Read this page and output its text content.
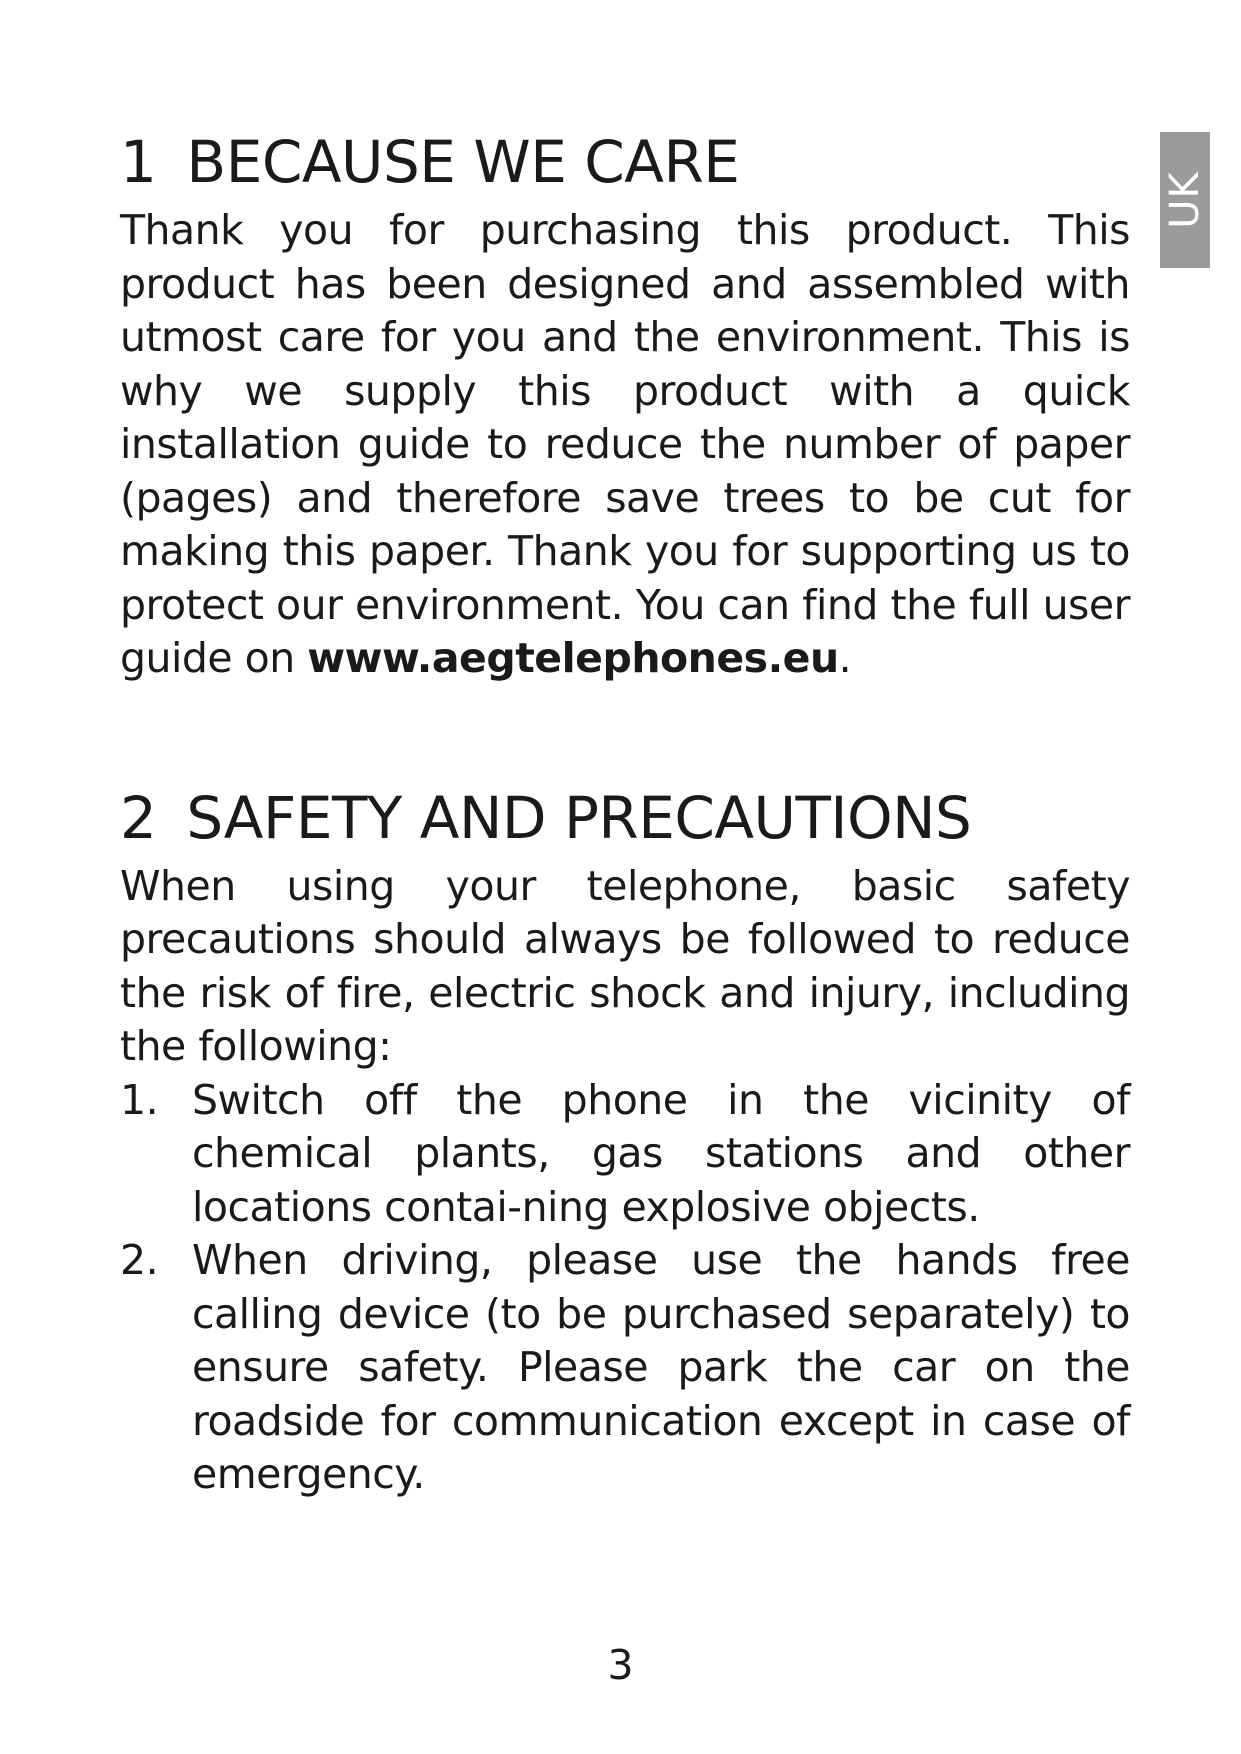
UK
1 BECAUSE WE CARE

Thank you for purchasing this product. This product has been designed and assembled with utmost care for you and the environment. This is why we supply this product with a quick installation guide to reduce the number of paper (pages) and therefore save trees to be cut for making this paper. Thank you for supporting us to protect our environment. You can find the full user guide on www.aegtelephones.eu.

2 SAFETY AND PRECAUTIONS

When using your telephone, basic safety precautions should always be followed to reduce the risk of fire, electric shock and injury, including the following:

1. Switch off the phone in the vicinity of chemical plants, gas stations and other locations contai-ning explosive objects.
2. When driving, please use the hands free calling device (to be purchased separately) to ensure safety. Please park the car on the roadside for communication except in case of emergency.
3
